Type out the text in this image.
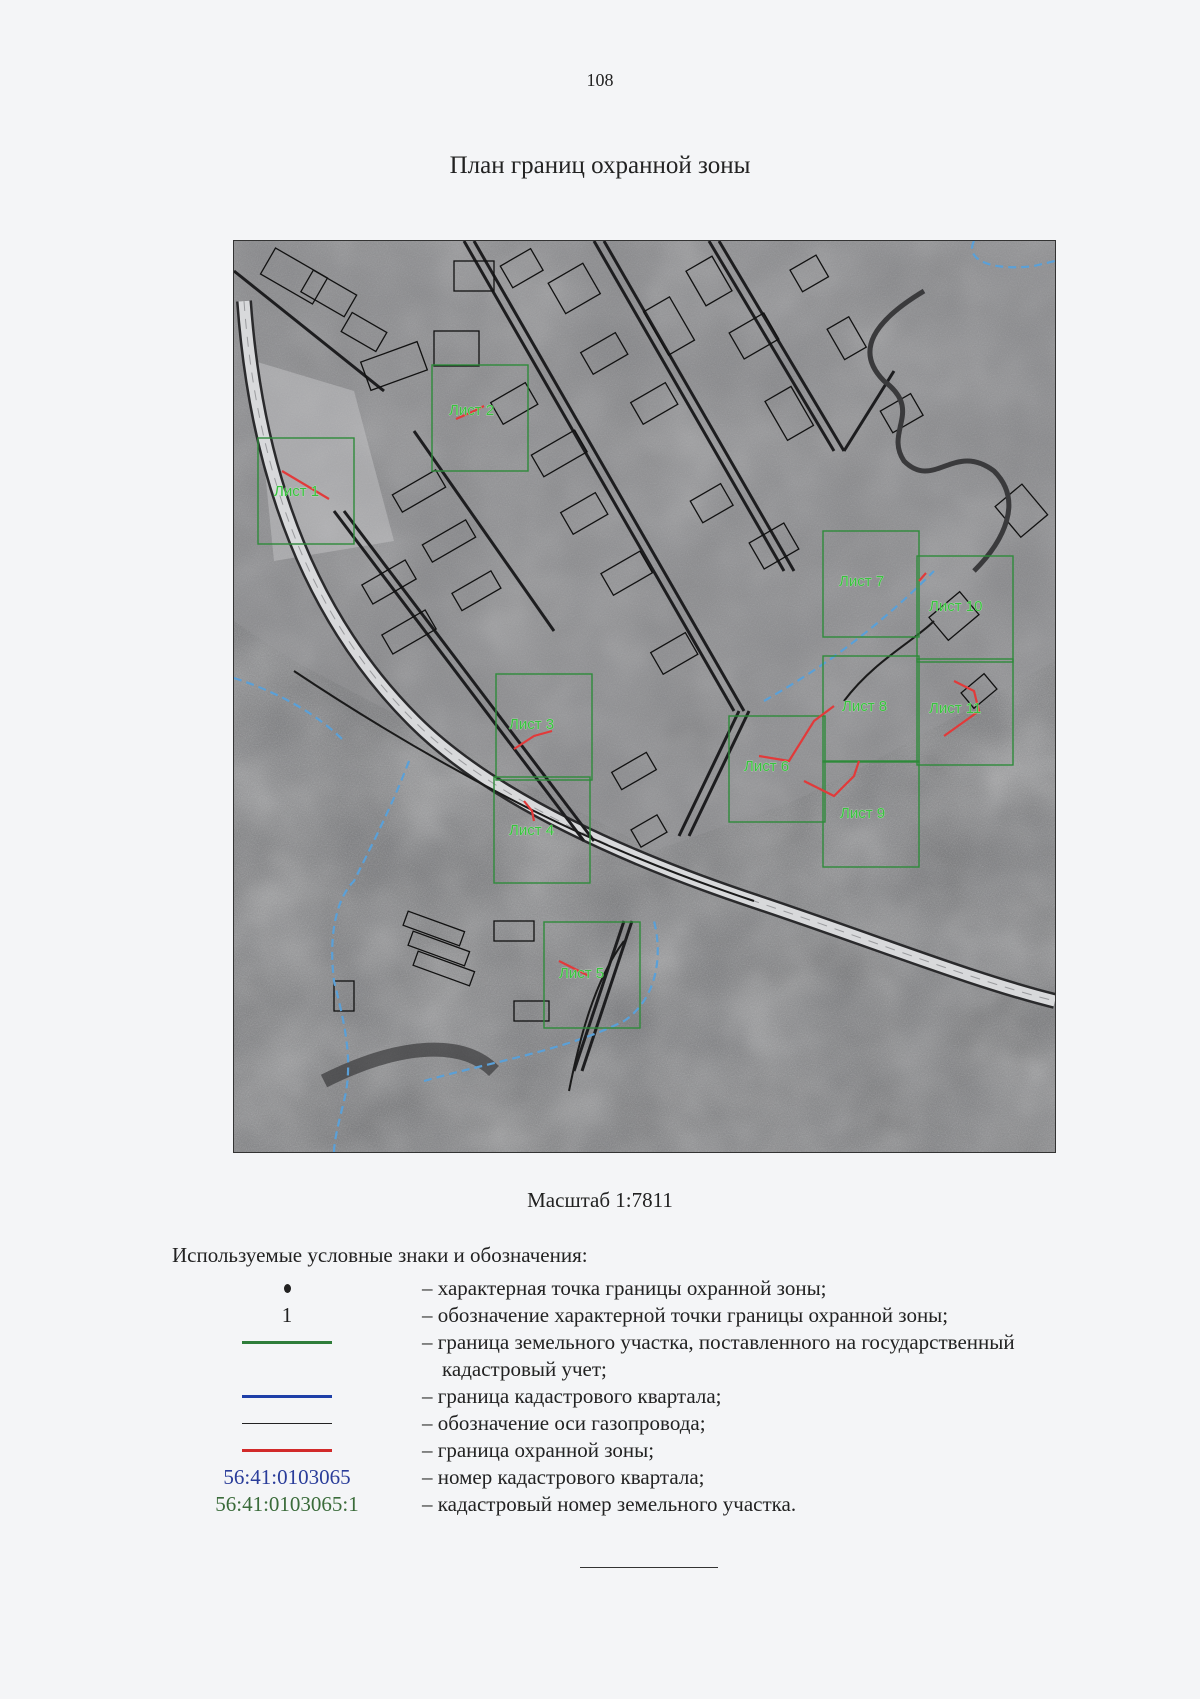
108
План границ охранной зоны
Лист 1
Лист 2
Лист 3
Лист 4
Лист 5
Лист 6
Лист 7
Лист 8
Лист 9
Лист 10
Лист 11
Масштаб 1:7811
Используемые условные знаки и обозначения:
– характерная точка границы охранной зоны;
1	– обозначение характерной точки границы охранной зоны;
– граница земельного участка, поставленного на государственный
кадастровый учет;
– граница кадастрового квартала;
– обозначение оси газопровода;
– граница охранной зоны;
56:41:0103065	– номер кадастрового квартала;
56:41:0103065:1	– кадастровый номер земельного участка.
